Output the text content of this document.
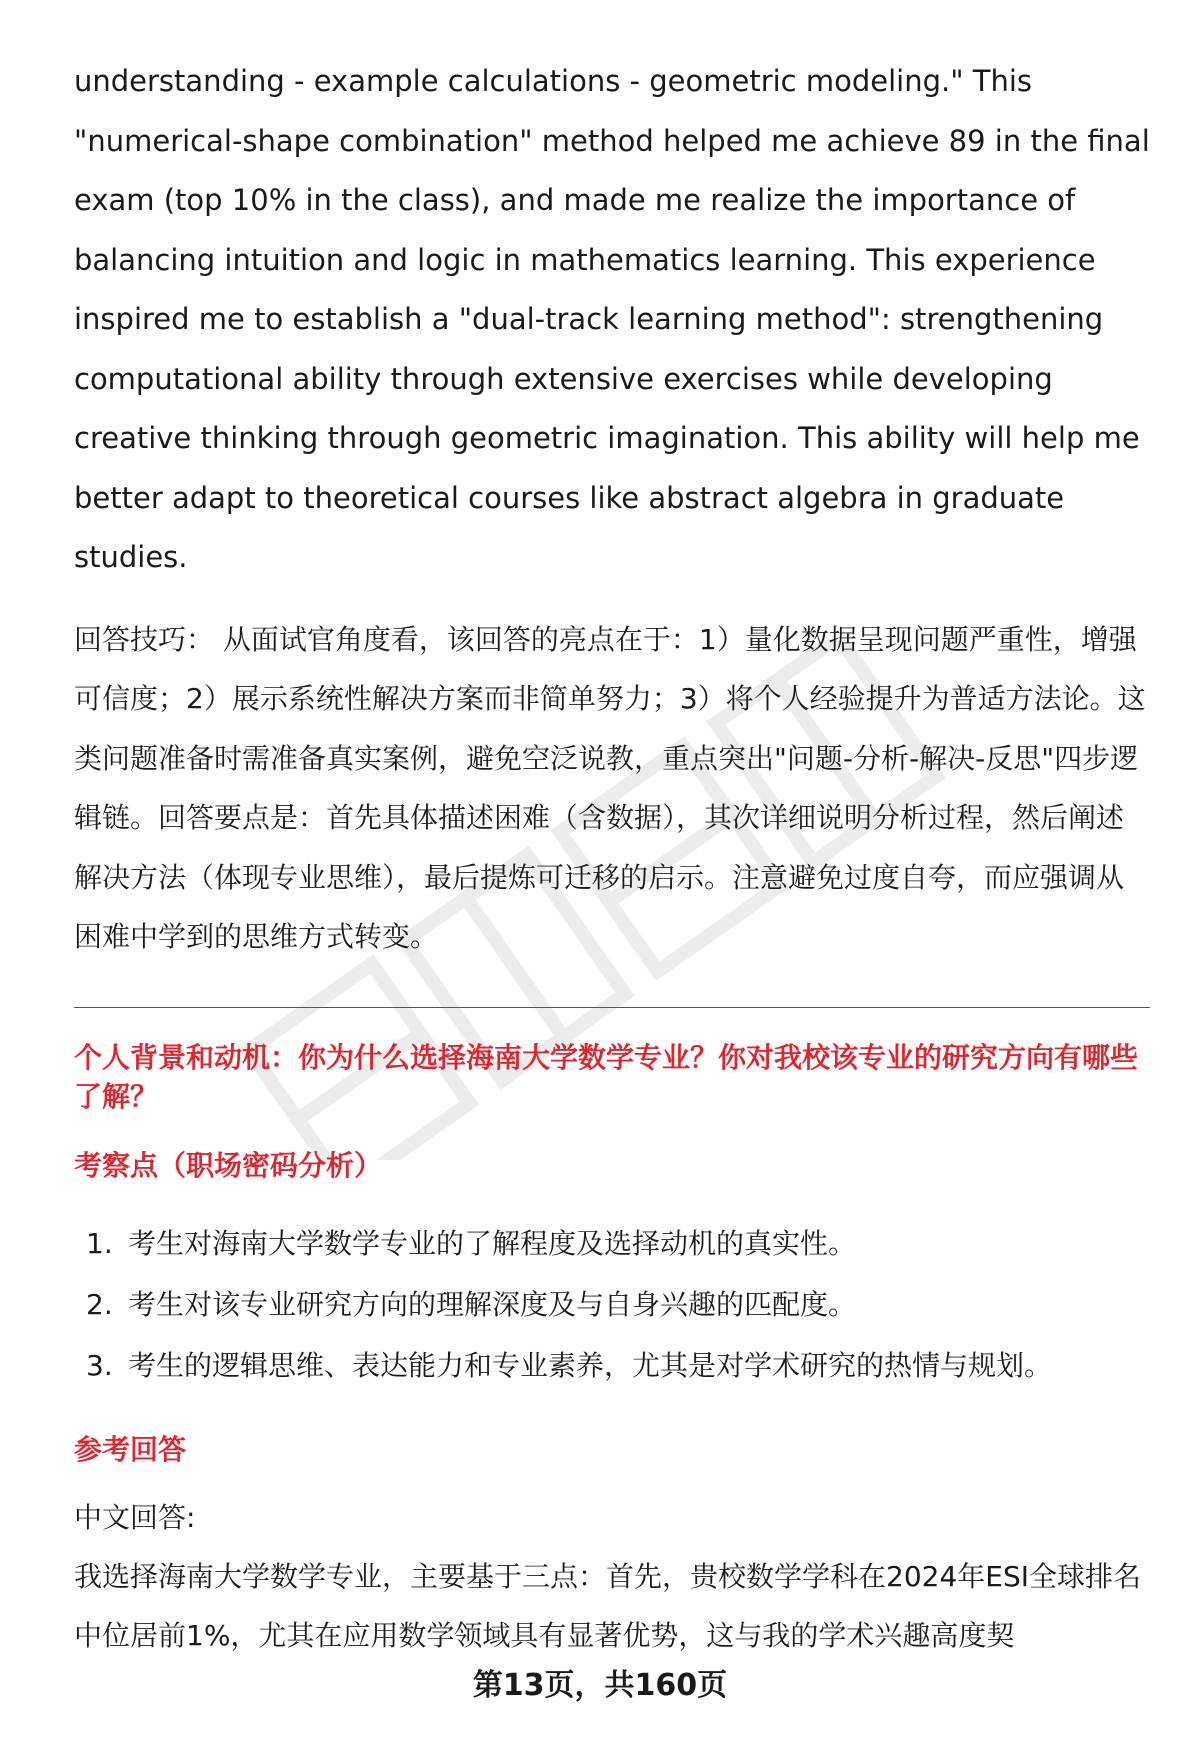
understanding - example calculations - geometric modeling." This "numerical-shape combination" method helped me achieve 89 in the final exam (top 10% in the class), and made me realize the importance of balancing intuition and logic in mathematics learning. This experience inspired me to establish a "dual-track learning method": strengthening computational ability through extensive exercises while developing creative thinking through geometric imagination. This ability will help me better adapt to theoretical courses like abstract algebra in graduate studies.

回答技巧： 从面试官角度看，该回答的亮点在于：1）量化数据呈现问题严重性，增强可信度；2）展示系统性解决方案而非简单努力；3）将个人经验提升为普适方法论。这类问题准备时需准备真实案例，避免空泛说教，重点突出"问题-分析-解决-反思"四步逻辑链。回答要点是：首先具体描述困难（含数据），其次详细说明分析过程，然后阐述解决方法（体现专业思维），最后提炼可迁移的启示。注意避免过度自夸，而应强调从困难中学到的思维方式转变。

个人背景和动机：你为什么选择海南大学数学专业？你对我校该专业的研究方向有哪些了解？
考察点（职场密码分析）
1. 考生对海南大学数学专业的了解程度及选择动机的真实性。
2. 考生对该专业研究方向的理解深度及与自身兴趣的匹配度。
3. 考生的逻辑思维、表达能力和专业素养，尤其是对学术研究的热情与规划。
参考回答
中文回答:

我选择海南大学数学专业，主要基于三点：首先，贵校数学学科在2024年ESI全球排名中位居前1%，尤其在应用数学领域具有显著优势，这与我的学术兴趣高度契

第13页，共160页
